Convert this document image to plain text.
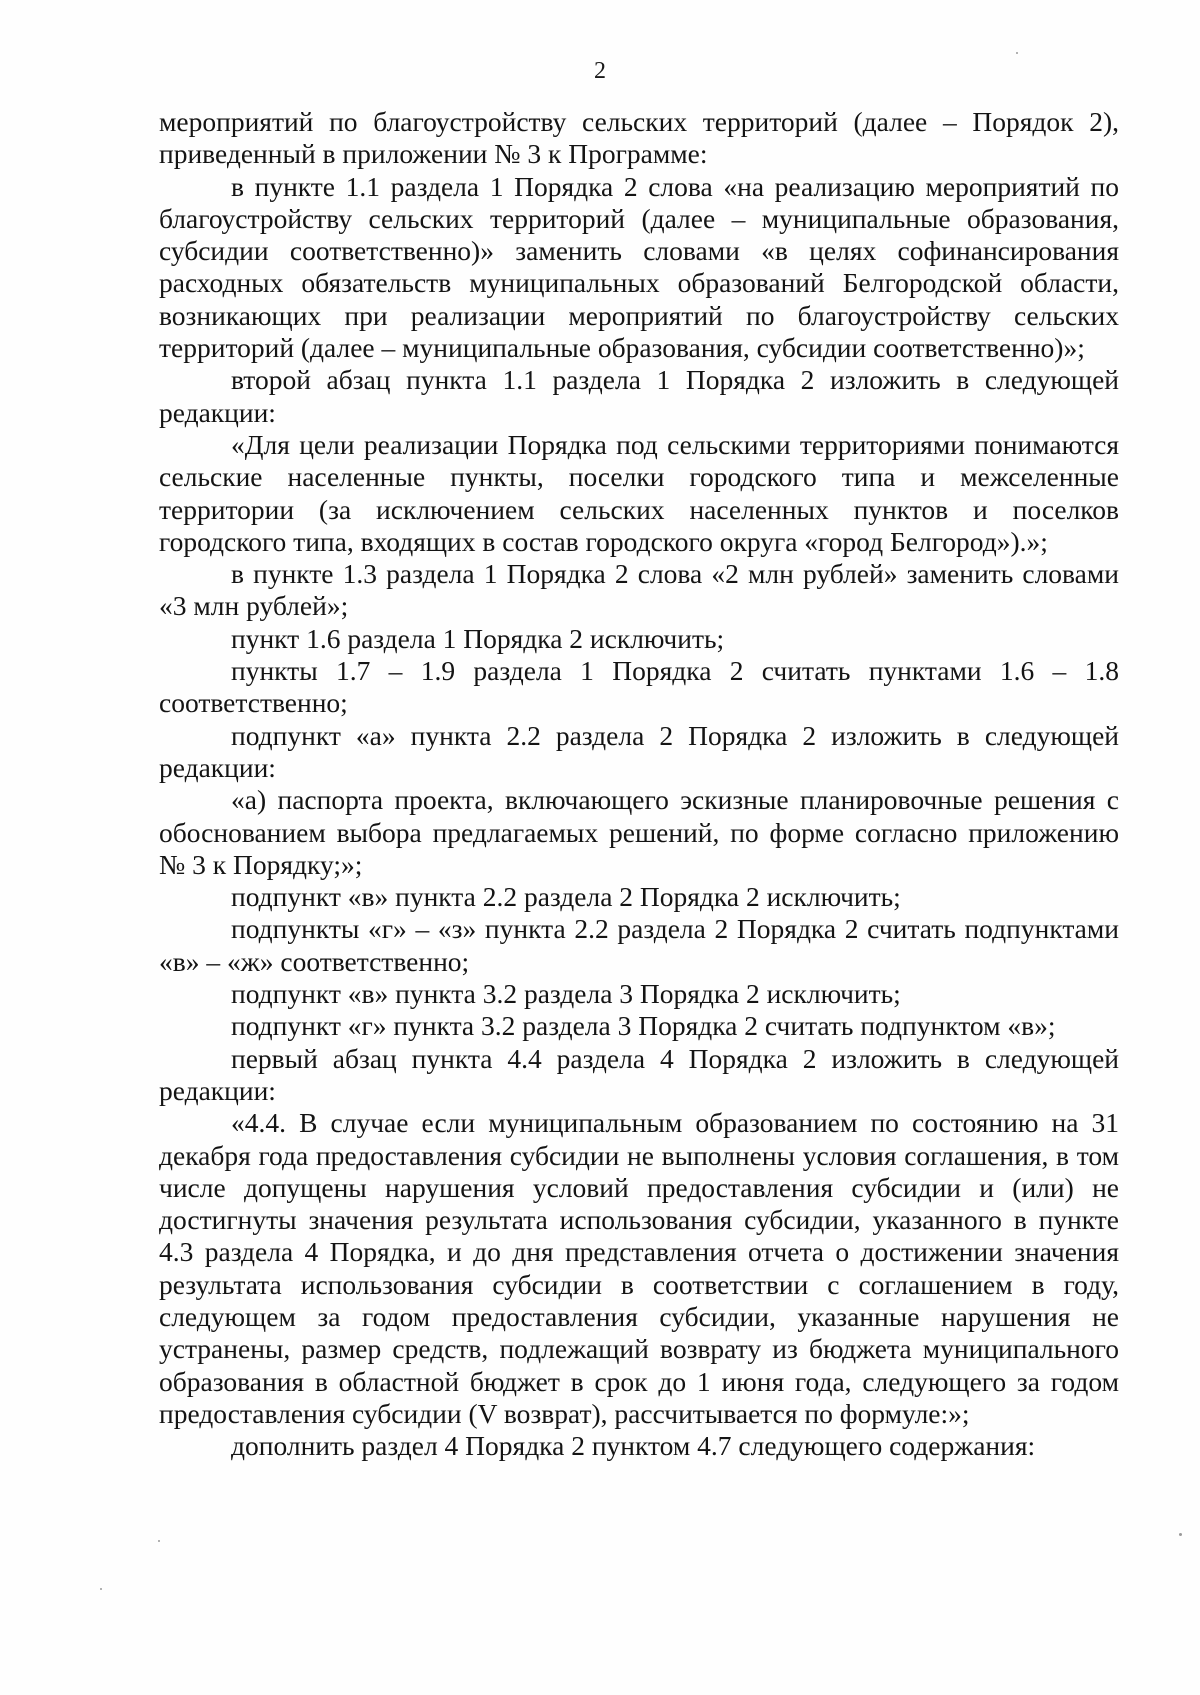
2

мероприятий по благоустройству сельских территорий (далее – Порядок 2), приведенный в приложении № 3 к Программе:

в пункте 1.1 раздела 1 Порядка 2 слова «на реализацию мероприятий по благоустройству сельских территорий (далее – муниципальные образования, субсидии соответственно)» заменить словами «в целях софинансирования расходных обязательств муниципальных образований Белгородской области, возникающих при реализации мероприятий по благоустройству сельских территорий (далее – муниципальные образования, субсидии соответственно)»;

второй абзац пункта 1.1 раздела 1 Порядка 2 изложить в следующей редакции:

«Для цели реализации Порядка под сельскими территориями понимаются сельские населенные пункты, поселки городского типа и межселенные территории (за исключением сельских населенных пунктов и поселков городского типа, входящих в состав городского округа «город Белгород»).»;

в пункте 1.3 раздела 1 Порядка 2 слова «2 млн рублей» заменить словами «3 млн рублей»;

пункт 1.6 раздела 1 Порядка 2 исключить;

пункты 1.7 – 1.9 раздела 1 Порядка 2 считать пунктами 1.6 – 1.8 соответственно;

подпункт «а» пункта 2.2 раздела 2 Порядка 2 изложить в следующей редакции:

«а) паспорта проекта, включающего эскизные планировочные решения с обоснованием выбора предлагаемых решений, по форме согласно приложению № 3 к Порядку;»;

подпункт «в» пункта 2.2 раздела 2 Порядка 2 исключить;

подпункты «г» – «з» пункта 2.2 раздела 2 Порядка 2 считать подпунктами «в» – «ж» соответственно;

подпункт «в» пункта 3.2 раздела 3 Порядка 2 исключить;

подпункт «г» пункта 3.2 раздела 3 Порядка 2 считать подпунктом «в»;

первый абзац пункта 4.4 раздела 4 Порядка 2 изложить в следующей редакции:

«4.4. В случае если муниципальным образованием по состоянию на 31 декабря года предоставления субсидии не выполнены условия соглашения, в том числе допущены нарушения условий предоставления субсидии и (или) не достигнуты значения результата использования субсидии, указанного в пункте 4.3 раздела 4 Порядка, и до дня представления отчета о достижении значения результата использования субсидии в соответствии с соглашением в году, следующем за годом предоставления субсидии, указанные нарушения не устранены, размер средств, подлежащий возврату из бюджета муниципального образования в областной бюджет в срок до 1 июня года, следующего за годом предоставления субсидии (V возврат), рассчитывается по формуле:»;

дополнить раздел 4 Порядка 2 пунктом 4.7 следующего содержания:
